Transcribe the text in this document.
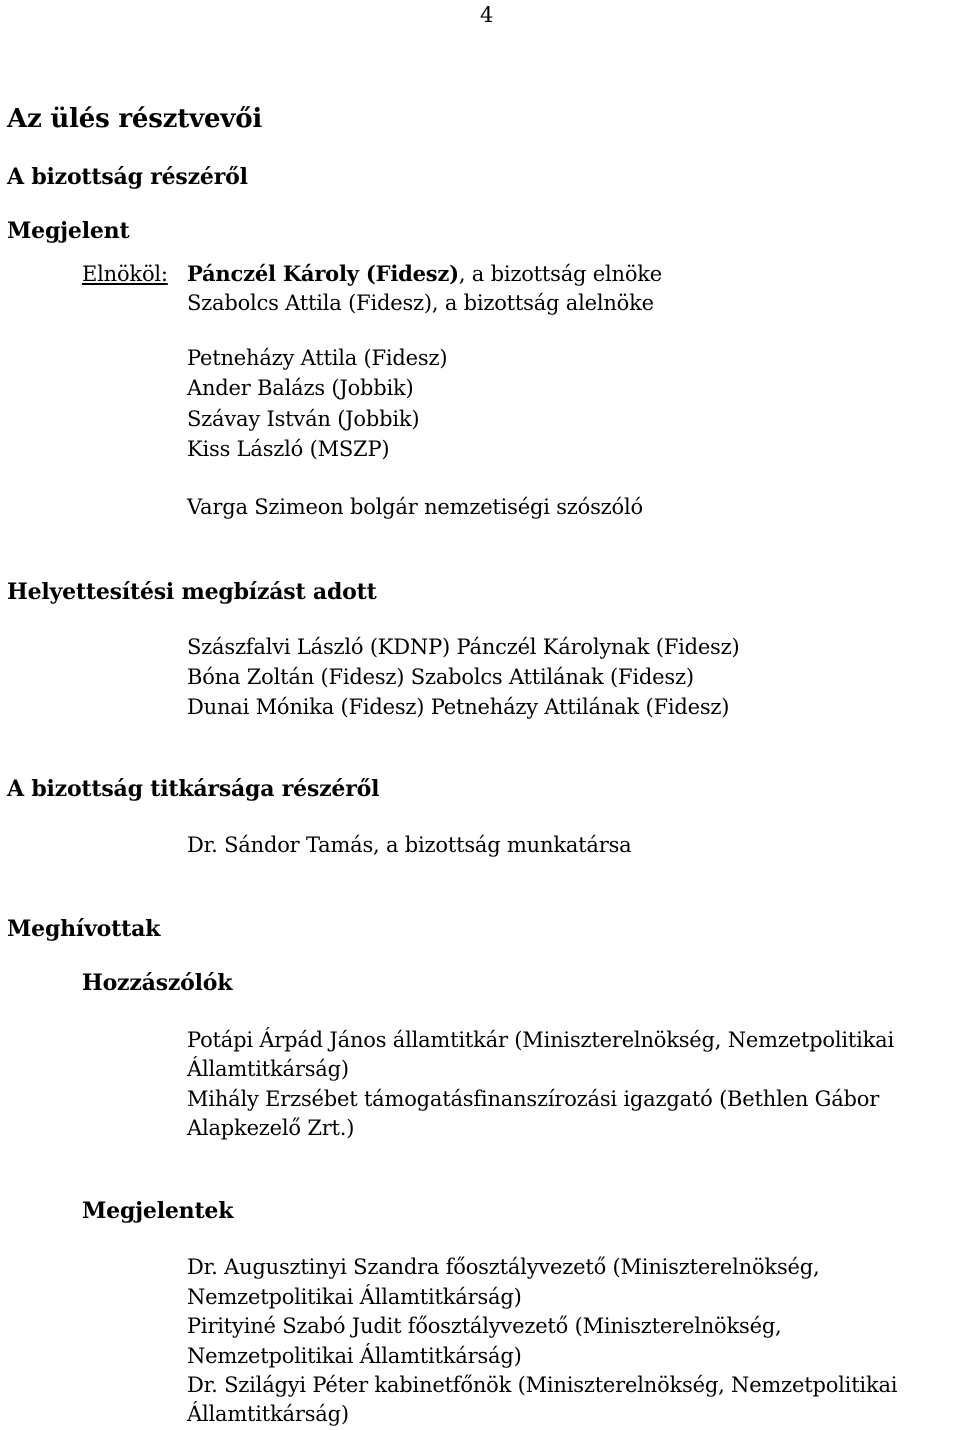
4
Az ülés résztvevői
A bizottság részéről
Megjelent
Elnököl: Pánczél Károly (Fidesz), a bizottság elnöke
Szabolcs Attila (Fidesz), a bizottság alelnöke
Petneházy Attila (Fidesz)
Ander Balázs (Jobbik)
Szávay István (Jobbik)
Kiss László (MSZP)
Varga Szimeon bolgár nemzetiségi szószóló
Helyettesítési megbízást adott
Szászfalvi László (KDNP) Pánczél Károlynak (Fidesz)
Bóna Zoltán (Fidesz) Szabolcs Attilának (Fidesz)
Dunai Mónika (Fidesz) Petneházy Attilának (Fidesz)
A bizottság titkársága részéről
Dr. Sándor Tamás, a bizottság munkatársa
Meghívottak
Hozzászólók
Potápi Árpád János államtitkár (Miniszterelnökség, Nemzetpolitikai
Államtitkárság)
Mihály Erzsébet támogatásfinanszírozási igazgató (Bethlen Gábor
Alapkezelő Zrt.)
Megjelentek
Dr. Augusztinyi Szandra főosztályvezető (Miniszterelnökség,
Nemzetpolitikai Államtitkárság)
Pirityiné Szabó Judit főosztályvezető (Miniszterelnökség,
Nemzetpolitikai Államtitkárság)
Dr. Szilágyi Péter kabinetfőnök (Miniszterelnökség, Nemzetpolitikai
Államtitkárság)
